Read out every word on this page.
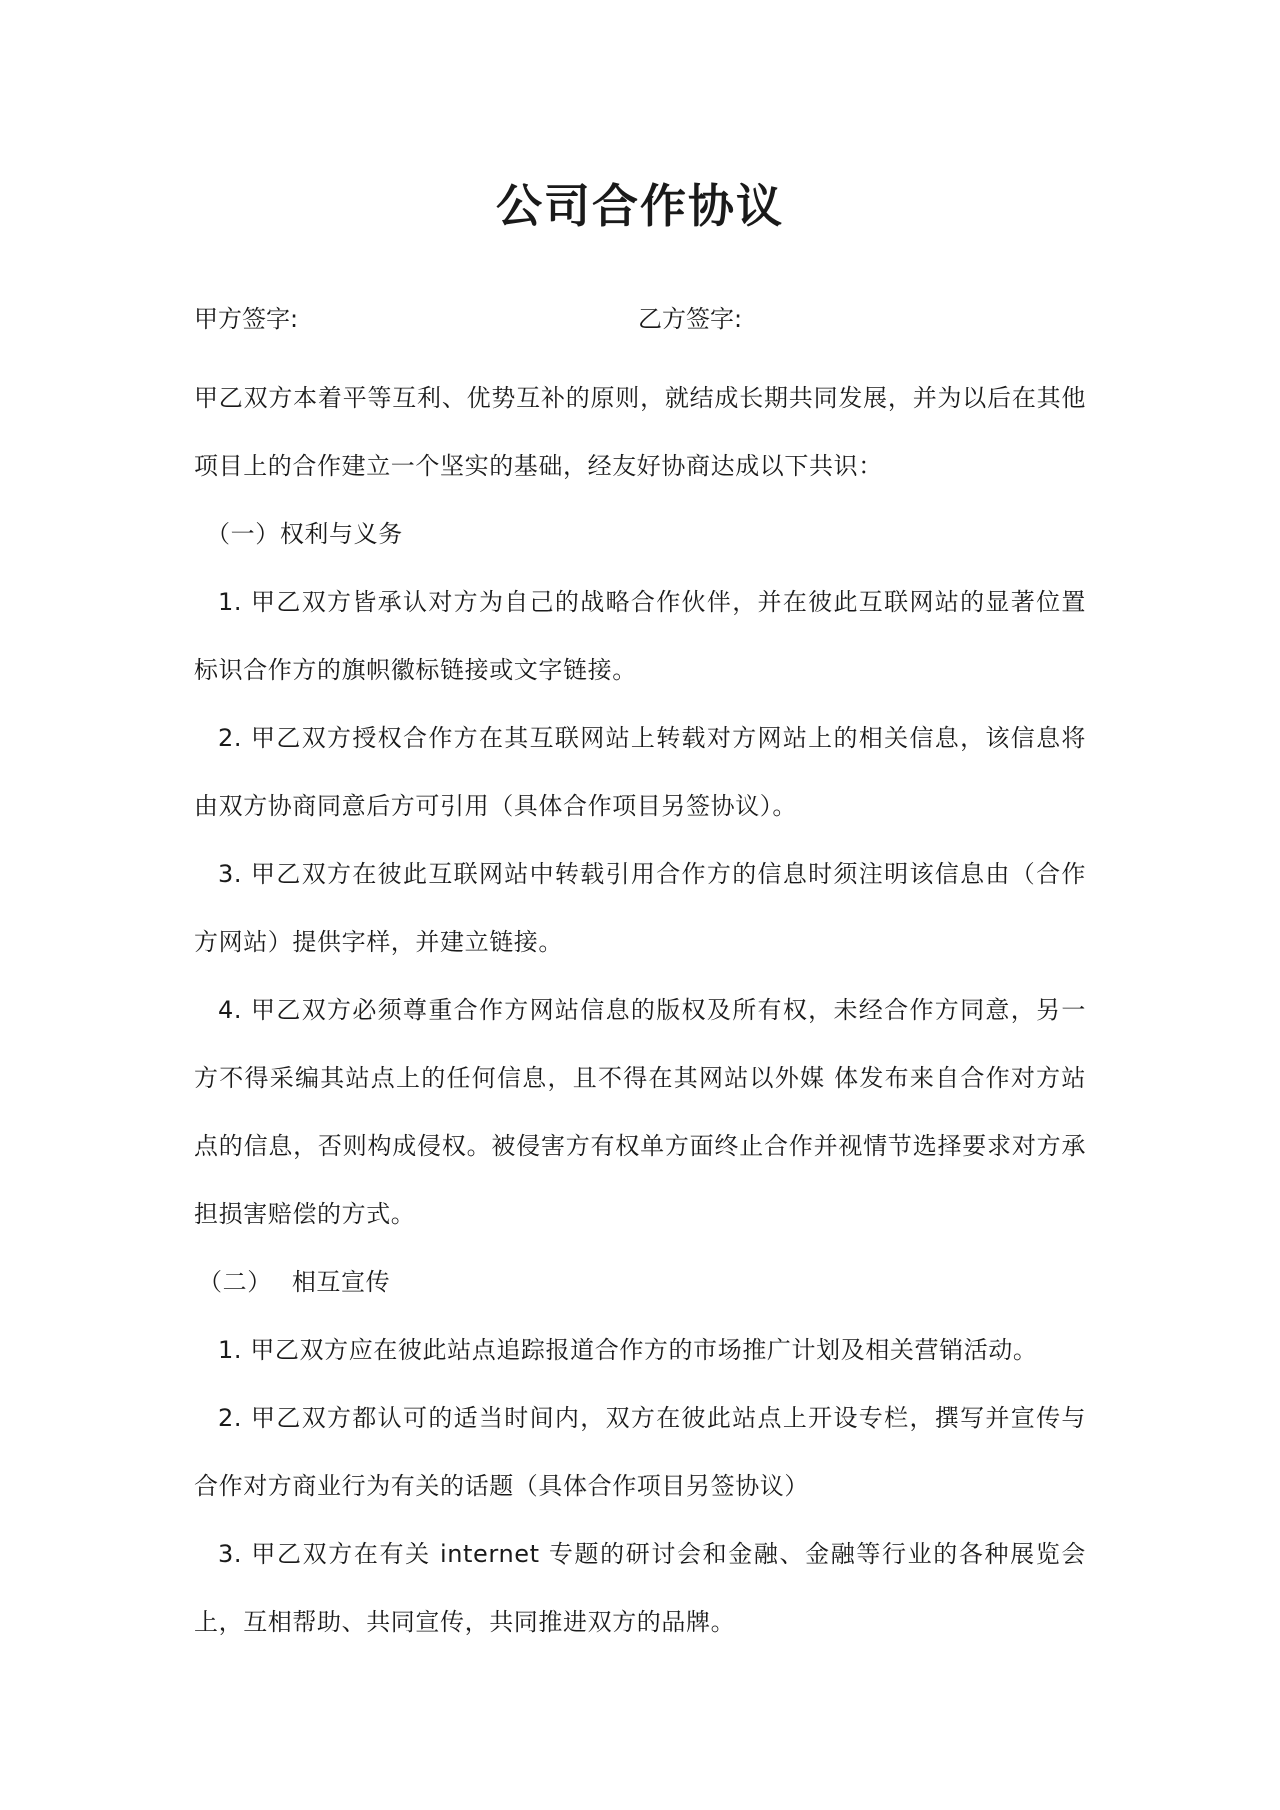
公司合作协议
甲方签字:	乙方签字:

甲乙双方本着平等互利、优势互补的原则，就结成长期共同发展，并为以后在其他项目上的合作建立一个坚实的基础，经友好协商达成以下共识：

（一）权利与义务

1. 甲乙双方皆承认对方为自己的战略合作伙伴，并在彼此互联网站的显著位置标识合作方的旗帜徽标链接或文字链接。

2. 甲乙双方授权合作方在其互联网站上转载对方网站上的相关信息，该信息将由双方协商同意后方可引用（具体合作项目另签协议）。

3. 甲乙双方在彼此互联网站中转载引用合作方的信息时须注明该信息由（合作方网站）提供字样，并建立链接。

4. 甲乙双方必须尊重合作方网站信息的版权及所有权，未经合作方同意，另一方不得采编其站点上的任何信息，且不得在其网站以外媒 体发布来自合作对方站点的信息，否则构成侵权。被侵害方有权单方面终止合作并视情节选择要求对方承担损害赔偿的方式。

（二） 相互宣传

1. 甲乙双方应在彼此站点追踪报道合作方的市场推广计划及相关营销活动。

2. 甲乙双方都认可的适当时间内，双方在彼此站点上开设专栏，撰写并宣传与合作对方商业行为有关的话题（具体合作项目另签协议）

3. 甲乙双方在有关 internet 专题的研讨会和金融、金融等行业的各种展览会上，互相帮助、共同宣传，共同推进双方的品牌。
